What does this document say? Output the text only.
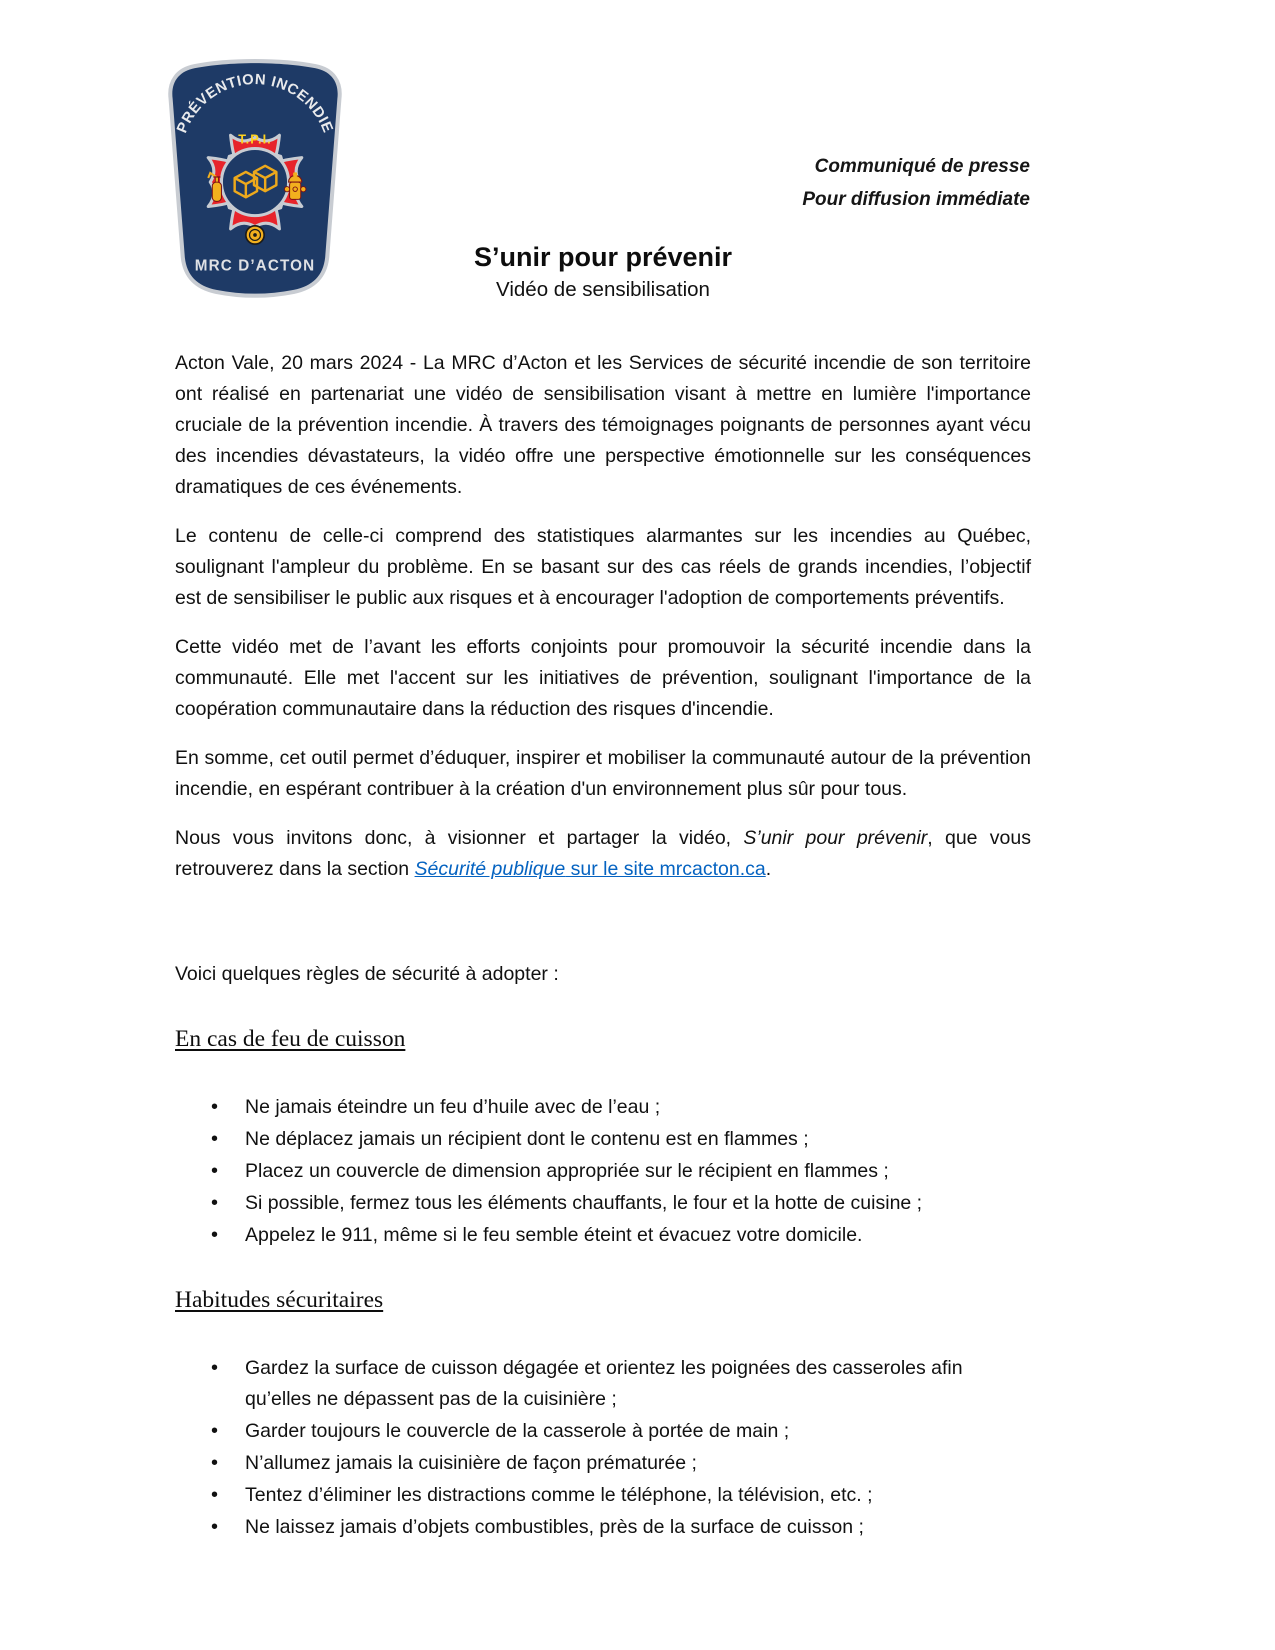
PRÉVENTION INCENDIE
T.P.I.
MRC D’ACTON
Communiqué de presse
Pour diffusion immédiate
S’unir pour prévenir
Vidéo de sensibilisation

Acton Vale, 20 mars 2024 - La MRC d’Acton et les Services de sécurité incendie de son territoire ont réalisé en partenariat une vidéo de sensibilisation visant à mettre en lumière l'importance cruciale de la prévention incendie. À travers des témoignages poignants de personnes ayant vécu des incendies dévastateurs, la vidéo offre une perspective émotionnelle sur les conséquences dramatiques de ces événements.

Le contenu de celle-ci comprend des statistiques alarmantes sur les incendies au Québec, soulignant l'ampleur du problème. En se basant sur des cas réels de grands incendies, l’objectif est de sensibiliser le public aux risques et à encourager l'adoption de comportements préventifs.

Cette vidéo met de l’avant les efforts conjoints pour promouvoir la sécurité incendie dans la communauté. Elle met l'accent sur les initiatives de prévention, soulignant l'importance de la coopération communautaire dans la réduction des risques d'incendie.

En somme, cet outil permet d’éduquer, inspirer et mobiliser la communauté autour de la prévention incendie, en espérant contribuer à la création d'un environnement plus sûr pour tous.

Nous vous invitons donc, à visionner et partager la vidéo, S’unir pour prévenir, que vous retrouverez dans la section Sécurité publique sur le site mrcacton.ca.

Voici quelques règles de sécurité à adopter :

En cas de feu de cuisson
• Ne jamais éteindre un feu d’huile avec de l’eau ;
• Ne déplacez jamais un récipient dont le contenu est en flammes ;
• Placez un couvercle de dimension appropriée sur le récipient en flammes ;
• Si possible, fermez tous les éléments chauffants, le four et la hotte de cuisine ;
• Appelez le 911, même si le feu semble éteint et évacuez votre domicile.
Habitudes sécuritaires
• Gardez la surface de cuisson dégagée et orientez les poignées des casseroles afin qu’elles ne dépassent pas de la cuisinière ;
• Garder toujours le couvercle de la casserole à portée de main ;
• N’allumez jamais la cuisinière de façon prématurée ;
• Tentez d’éliminer les distractions comme le téléphone, la télévision, etc. ;
• Ne laissez jamais d’objets combustibles, près de la surface de cuisson ;
